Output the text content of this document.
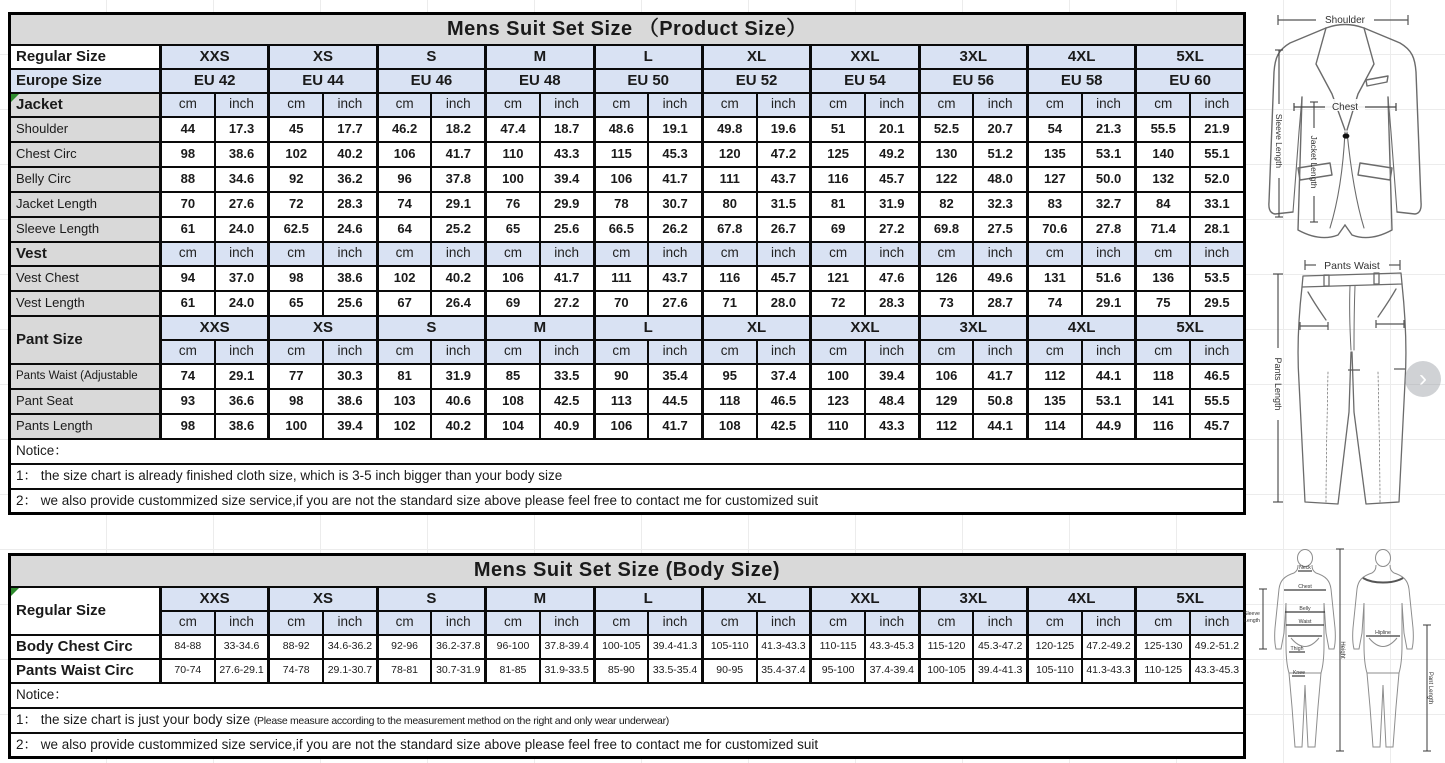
Mens Suit Set Size （Product Size）																				
Regular Size	XXS		XS		S		M		L		XL		XXL		3XL		4XL		5XL	
Europe Size	EU 42		EU 44		EU 46		EU 48		EU 50		EU 52		EU 54		EU 56		EU 58		EU 60	
Jacket	cm	inch	cm	inch	cm	inch	cm	inch	cm	inch	cm	inch	cm	inch	cm	inch	cm	inch	cm	inch
Shoulder	44	17.3	45	17.7	46.2	18.2	47.4	18.7	48.6	19.1	49.8	19.6	51	20.1	52.5	20.7	54	21.3	55.5	21.9
Chest Circ	98	38.6	102	40.2	106	41.7	110	43.3	115	45.3	120	47.2	125	49.2	130	51.2	135	53.1	140	55.1
Belly Circ	88	34.6	92	36.2	96	37.8	100	39.4	106	41.7	111	43.7	116	45.7	122	48.0	127	50.0	132	52.0
Jacket Length	70	27.6	72	28.3	74	29.1	76	29.9	78	30.7	80	31.5	81	31.9	82	32.3	83	32.7	84	33.1
Sleeve Length	61	24.0	62.5	24.6	64	25.2	65	25.6	66.5	26.2	67.8	26.7	69	27.2	69.8	27.5	70.6	27.8	71.4	28.1
Vest	cm	inch	cm	inch	cm	inch	cm	inch	cm	inch	cm	inch	cm	inch	cm	inch	cm	inch	cm	inch
Vest Chest	94	37.0	98	38.6	102	40.2	106	41.7	111	43.7	116	45.7	121	47.6	126	49.6	131	51.6	136	53.5
Vest Length	61	24.0	65	25.6	67	26.4	69	27.2	70	27.6	71	28.0	72	28.3	73	28.7	74	29.1	75	29.5
Pant Size	XXS		XS		S		M		L		XL		XXL		3XL		4XL		5XL	
	cm	inch	cm	inch	cm	inch	cm	inch	cm	inch	cm	inch	cm	inch	cm	inch	cm	inch	cm	inch
Pants Waist (Adjustable	74	29.1	77	30.3	81	31.9	85	33.5	90	35.4	95	37.4	100	39.4	106	41.7	112	44.1	118	46.5
Pant Seat	93	36.6	98	38.6	103	40.6	108	42.5	113	44.5	118	46.5	123	48.4	129	50.8	135	53.1	141	55.5
Pants Length	98	38.6	100	39.4	102	40.2	104	40.9	106	41.7	108	42.5	110	43.3	112	44.1	114	44.9	116	45.7
Notice：																				
1： the size chart is already finished cloth size, which is 3-5 inch bigger than your body size																				
2： we also provide custommized size service,if you are not the standard size above please feel free to contact me for customized suit																				
Mens Suit Set Size (Body Size)																				
Regular Size	XXS		XS		S		M		L		XL		XXL		3XL		4XL		5XL	
	cm	inch	cm	inch	cm	inch	cm	inch	cm	inch	cm	inch	cm	inch	cm	inch	cm	inch	cm	inch
Body Chest Circ	84-88	33-34.6	88-92	34.6-36.2	92-96	36.2-37.8	96-100	37.8-39.4	100-105	39.4-41.3	105-110	41.3-43.3	110-115	43.3-45.3	115-120	45.3-47.2	120-125	47.2-49.2	125-130	49.2-51.2
Pants Waist Circ	70-74	27.6-29.1	74-78	29.1-30.7	78-81	30.7-31.9	81-85	31.9-33.5	85-90	33.5-35.4	90-95	35.4-37.4	95-100	37.4-39.4	100-105	39.4-41.3	105-110	41.3-43.3	110-125	43.3-45.3
Notice：																				
1： the size chart is just your body size (Please measure according to the measurement method on the right and only wear underwear)																				
2： we also provide custommized size service,if you are not the standard size above please feel free to contact me for customized suit																				
Shoulder
Chest
Jacket Length
Sleeve Length
Pants Waist
Pants Length
Neck
Chest
Belly
Waist
Thigh
Knee
Sleeve
Length
Height
Hipline
Pant Length
›
